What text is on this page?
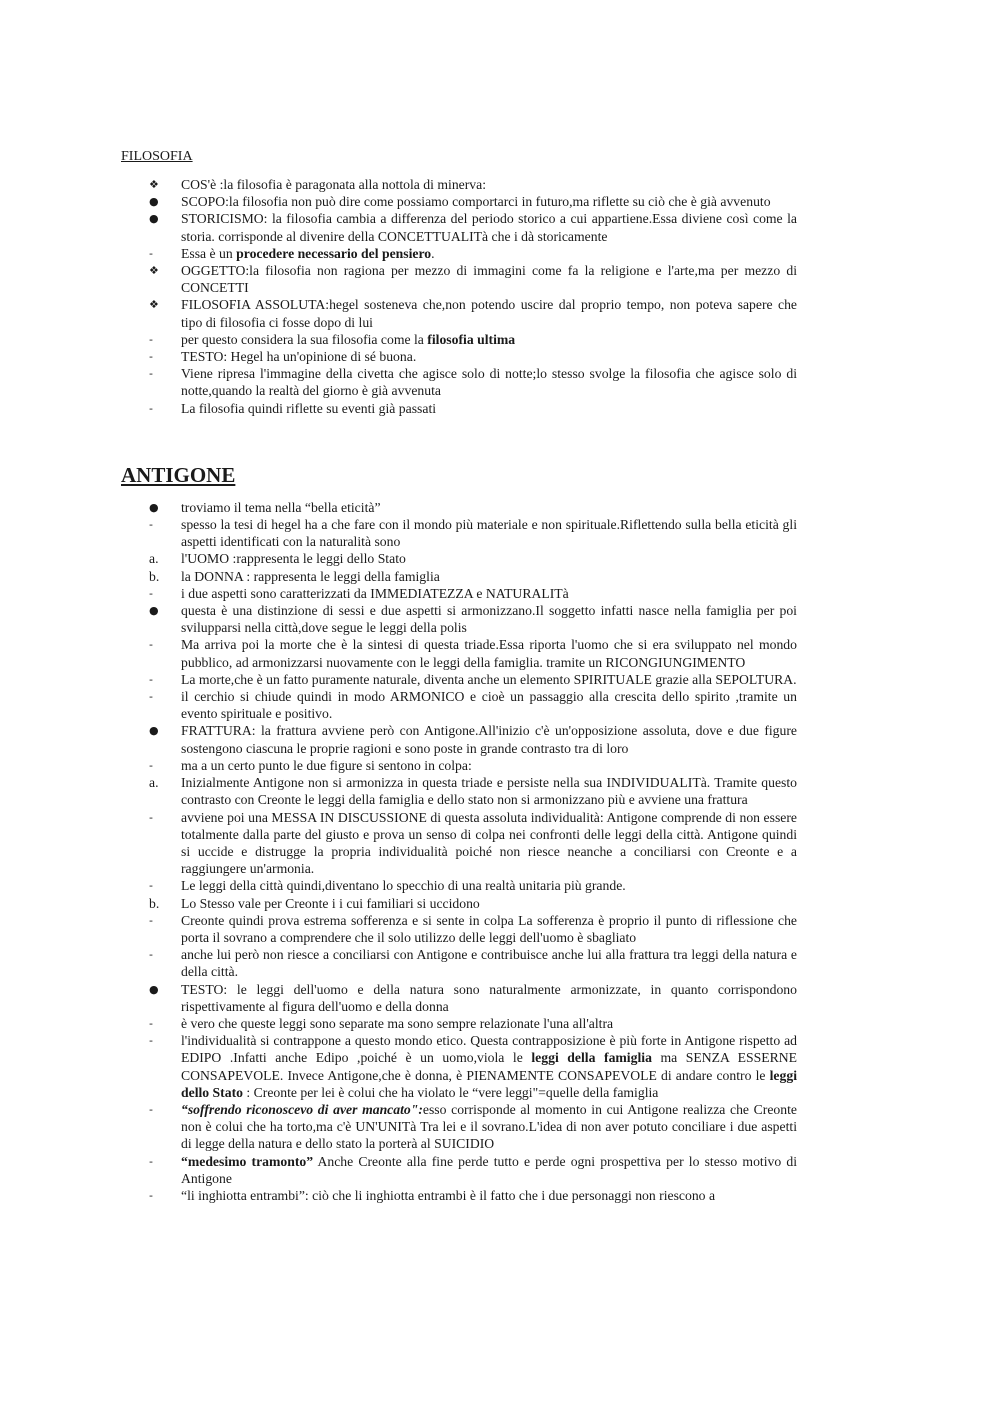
FILOSOFIA
❖	COS'è :la filosofia è paragonata alla nottola di minerva:
●	SCOPO:la filosofia non può dire come possiamo comportarci in futuro,ma riflette su ciò che è già avvenuto
●	STORICISMO: la filosofia cambia a differenza del periodo storico a cui appartiene.Essa diviene così come la storia. corrisponde al divenire della CONCETTUALITà che i dà storicamente
-	Essa è un procedere necessario del pensiero.
❖	OGGETTO:la filosofia non ragiona per mezzo di immagini come fa la religione e l'arte,ma per mezzo di CONCETTI
❖	FILOSOFIA ASSOLUTA:hegel sosteneva che,non potendo uscire dal proprio tempo, non poteva sapere che tipo di filosofia ci fosse dopo di lui
-	per questo considera la sua filosofia come la filosofia ultima
-	TESTO: Hegel ha un'opinione di sé buona.
-	Viene ripresa l'immagine della civetta che agisce solo di notte;lo stesso svolge la filosofia che agisce solo di notte,quando la realtà del giorno è già avvenuta
-	La filosofia quindi riflette su eventi già passati
ANTIGONE
●	troviamo il tema nella “bella eticità”
-	spesso la tesi di hegel ha a che fare con il mondo più materiale e non spirituale.Riflettendo sulla bella eticità gli aspetti identificati con la naturalità sono
a.	l'UOMO :rappresenta le leggi dello Stato
b.	la DONNA : rappresenta le leggi della famiglia
-	i due aspetti sono caratterizzati da IMMEDIATEZZA e NATURALITà
●	questa è una distinzione di sessi e due aspetti si armonizzano.Il soggetto infatti nasce nella famiglia per poi svilupparsi nella città,dove segue le leggi della polis
-	Ma arriva poi la morte che è la sintesi di questa triade.Essa riporta l'uomo che si era sviluppato nel mondo pubblico, ad armonizzarsi nuovamente con le leggi della famiglia. tramite un RICONGIUNGIMENTO
-	La morte,che è un fatto puramente naturale, diventa anche un elemento SPIRITUALE grazie alla SEPOLTURA.
-	il cerchio si chiude quindi in modo ARMONICO e cioè un passaggio alla crescita dello spirito ,tramite un evento spirituale e positivo.
●	FRATTURA: la frattura avviene però con Antigone.All'inizio c'è un'opposizione assoluta, dove e due figure sostengono ciascuna le proprie ragioni e sono poste in grande contrasto tra di loro
-	ma a un certo punto le due figure si sentono in colpa:
a.	Inizialmente Antigone non si armonizza in questa triade e persiste nella sua INDIVIDUALITà. Tramite questo contrasto con Creonte le leggi della famiglia e dello stato non si armonizzano più e avviene una frattura
-	avviene poi una MESSA IN DISCUSSIONE di questa assoluta individualità: Antigone comprende di non essere totalmente dalla parte del giusto e prova un senso di colpa nei confronti delle leggi della città. Antigone quindi si uccide e distrugge la propria individualità poiché non riesce neanche a conciliarsi con Creonte e a raggiungere un'armonia.
-	Le leggi della città quindi,diventano lo specchio di una realtà unitaria più grande.
b.	Lo Stesso vale per Creonte i i cui familiari si uccidono
-	Creonte quindi prova estrema sofferenza e si sente in colpa La sofferenza è proprio il punto di riflessione che porta il sovrano a comprendere che il solo utilizzo delle leggi dell'uomo è sbagliato
-	anche lui però non riesce a conciliarsi con Antigone e contribuisce anche lui alla frattura tra leggi della natura e della città.
●	TESTO: le leggi dell'uomo e della natura sono naturalmente armonizzate, in quanto corrispondono rispettivamente al figura dell'uomo e della donna
-	è vero che queste leggi sono separate ma sono sempre relazionate l'una all'altra
-	l'individualità si contrappone a questo mondo etico. Questa contrapposizione è più forte in Antigone rispetto ad EDIPO .Infatti anche Edipo ,poiché è un uomo,viola le leggi della famiglia ma SENZA ESSERNE CONSAPEVOLE. Invece Antigone,che è donna, è PIENAMENTE CONSAPEVOLE di andare contro le leggi dello Stato : Creonte per lei è colui che ha violato le “vere leggi"=quelle della famiglia
-	“soffrendo riconoscevo di aver mancato":esso corrisponde al momento in cui Antigone realizza che Creonte non è colui che ha torto,ma c'è UN'UNITà Tra lei e il sovrano.L'idea di non aver potuto conciliare i due aspetti di legge della natura e dello stato la porterà al SUICIDIO
-	“medesimo tramonto” Anche Creonte alla fine perde tutto e perde ogni prospettiva per lo stesso motivo di Antigone
-	“li inghiotta entrambi”: ciò che li inghiotta entrambi è il fatto che i due personaggi non riescono a
